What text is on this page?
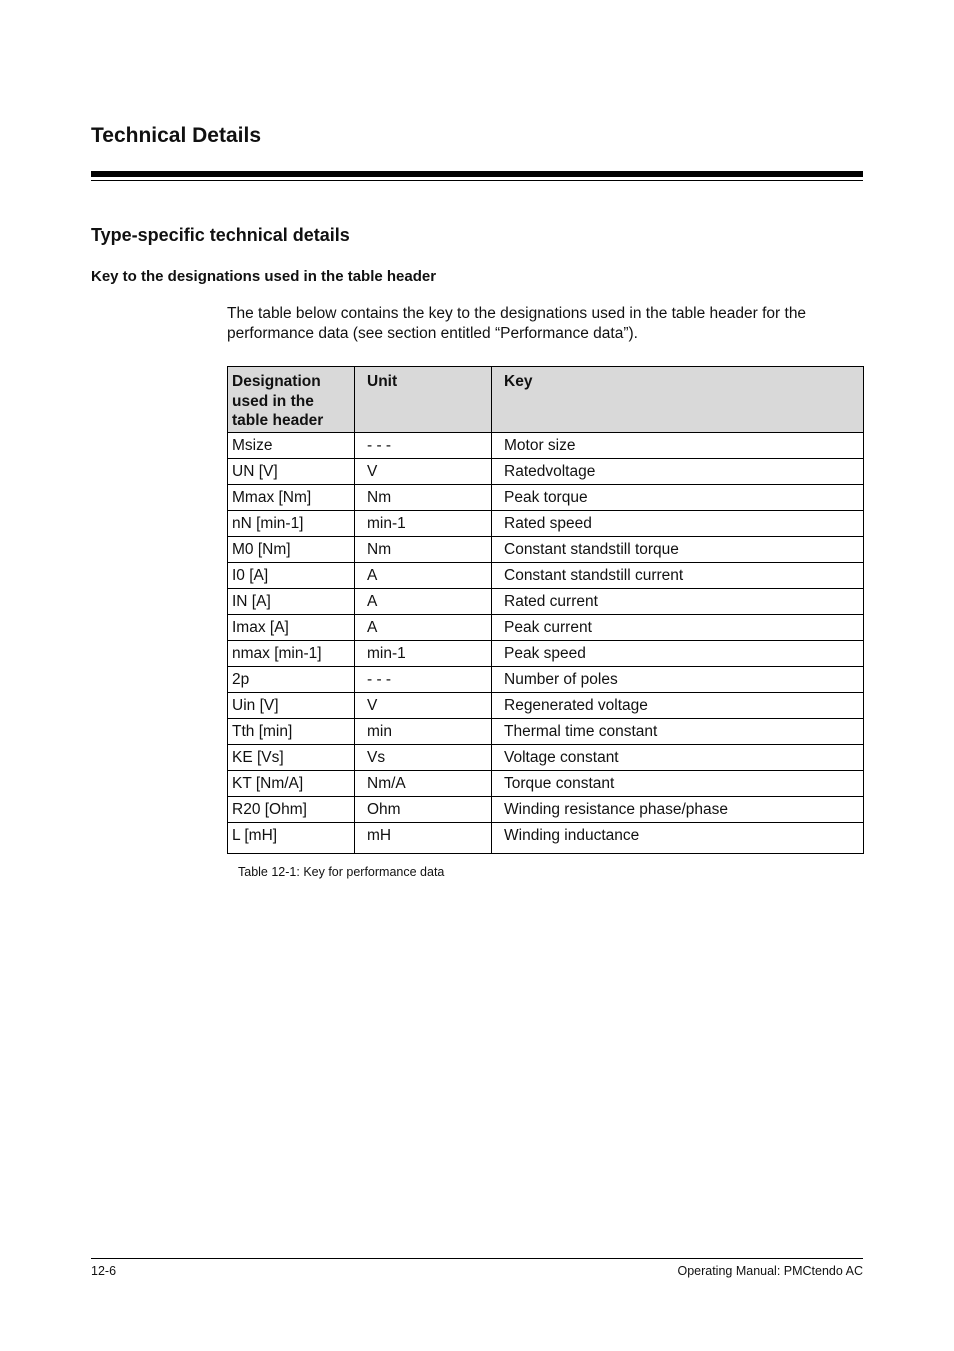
Technical Details
Type-specific technical details
Key to the designations used in the table header

The table below contains the key to the designations used in the table header for the performance data (see section entitled “Performance data”).

Designation used in the table header	Unit	Key
Msize	- - -	Motor size
UN [V]	V	Ratedvoltage
Mmax [Nm]	Nm	Peak torque
nN [min-1]	min-1	Rated speed
M0 [Nm]	Nm	Constant standstill torque
I0 [A]	A	Constant standstill current
IN [A]	A	Rated current
Imax [A]	A	Peak current
nmax [min-1]	min-1	Peak speed
2p	- - -	Number of poles
Uin [V]	V	Regenerated voltage
Tth [min]	min	Thermal time constant
KE [Vs]	Vs	Voltage constant
KT [Nm/A]	Nm/A	Torque constant
R20 [Ohm]	Ohm	Winding resistance phase/phase
L [mH]	mH	Winding inductance

Table 12-1: Key for performance data

12-6	Operating Manual: PMCtendo AC
